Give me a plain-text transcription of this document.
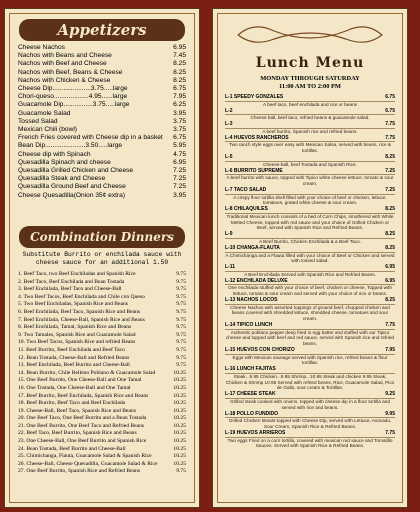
Appetizers
Cheese Nachos	6.95
Nachos with Beans and Cheese	7.45
Nachos with Beef and Cheese	8.25
Nachos with Beef, Beans & Cheese	8.25
Nachos with Chicken & Cheese	8.25
Cheese Dip.....................3.75.....large	6.75
Chori-queso...................4.95......large	7.95
Guacamole Dip................3.75.....large	6.25
Guacamole Salad	3.95
Tossed Salad	3.75
Mexican Chili (bowl)	3.75
French Fries covered with Cheese dip in a basket	6.75
Bean Dip......................3.50.....large	5.95
Cheese dip with Spinach	4.75
Quesadilla Spinach and cheese	6.95
Quesadilla Grilled Chicken and Cheese	7.25
Quesadilla Steak and Cheese	7.25
Quesadilla Ground Beef and Cheese	7.25
Cheese Quesadilla(Onion 35¢ extra)	3.95
Combination Dinners
Substitute Burrito or enchilada sauce with cheese sauce for an additional 1.50
1. Beef Taco, two Beef Enchiladas and Spanish Rice	9.75
2. Beef Taco, Beef Enchilada and Bean Tostada	9.75
3. Beef Enchilada, Beef Taco and Cheese-Ball	9.75
4. Two Beef Tacos, Beef Enchilada and Chile con Queso	9.75
5. Two Beef Enchiladas, Spanish Rice and Beans	9.75
6. Beef Enchilada, Beef Taco, Spanish Rice and Beans	9.75
7. Beef Enchilada, Cheese-Ball, Spanish Rice and Beans	9.75
8. Beef Enchilada, Tamal, Spanish Rice and Beans	9.75
9. Two Tamales, Spanish Rice and Guacamole Salad	9.75
10. Two Beef Tacos, Spanish Rice and refried Beans	9.75
11. Beef Burrito, Beef Enchilada and Beef Taco	9.75
12. Bean Tostada, Cheese-Ball and Refried Beans	9.75
13. Beef Enchilada, Beef Burrito and Cheese-Ball	9.75
14. Bean Burrito, Chile Relleno Poblano & Guacamole Salad	10.25
15. One Beef Burrito, One Cheese-Ball and One Tamal	10.25
16. One Tostada, One Cheese-Ball and One Tamal	10.25
17. Beef Burrito, Beef Enchilada, Spanish Rice and Beans	10.25
18. Beef Burrito, Beef Taco and Beef Enchilada	10.25
19. Cheese-Ball, Beef Taco, Spanish Rice and Beans	10.25
20. One Beef Taco, One Beef Burrito and a Bean Tostada	10.25
21. One Beef Burrito, One Beef Taco and Refried Beans	10.25
22. Beef Taco, Beef Burrito, Spanish Rice and Beans	10.25
23. One Cheese-Ball, One Beef Burrito and Spanish Rice	10.25
24. Bean Tostada, Beef Burrito and Cheese-Ball	10.25
25. Chimichanga, Flauta, Guacamole Salad & Spanish Rice	10.25
26. Cheese-Ball, Cheese Quesadilla, Guacamole Salad & Rice	10.25
27. One Beef Burrito, Spanish Rice and Refried Beans	9.75
Lunch Menu
MONDAY THROUGH SATURDAY
11:00 AM TO 2:00 PM
L-1 SPEEDY GONZALES	6.75
A beef taco, beef enchilada and rice or beans
L-2	6.75
Cheese ball, beef taco, refried beans & guacamole salad.
L-3	7.75
A beef burrito, Spanish rice and refried beans.
L-4 HUEVOS RANCHEROS	7.75
Two ranch style eggs over easy with Mexican Salsa, served with beans, rice & tortillas.
L-5	8.25
Cheese-ball, beef Tostada and Spanish Rice.
L-6 BURRITO SUPREME	7.25
A beef burrito with sauce, topped with Tipico white cheese lettuce, tomato & sour cream.
L-7 TACO SALAD	7.25
A crispy flour tortilla shell filled with your choice of beef or chicken, lettuce, tomatoes, grated white cheese & sour cream.
L-8 CHILAQUILES	8.25
Traditional Mexican lunch consists of a bed of Corn Chips, smothered with White Melted Cheese, topped with red sauce and your choice of Grilled Chicken or Beef, served with Spanish Rice and Refried Beans.
L-9	8.25
A Beef Burrito, Chicken Enchilada & a Beef Taco.
L-10 CHANGA-FLAUTA	8.25
A Chimichanga and a Flauta filled with your choice of Beef or Chicken and served with tossed salad.
L-11	6.95
A Beef Enchilada Served with Spanish Rice and Refried Beans.
L-12 ENCHILADA DELUXE	6.95
One enchilada stuffed with your choice of beef, chicken or cheese, Topped with lettuce, tomato & sour cream and served with your choice of rice or beans.
L-13 NACHOS LOCOS	8.25
Cheese Nachos with assorted toppings of ground beef, chopped chicken and beans covered with shredded lettuce, shredded cheese, tomatoes and sour cream.
L-14 TIPICO LUNCH	7.75
Authentic poblano pepper deep fried in egg batter and stuffed with our Tipico cheese and topped with beef and red sauce, served with Spanish rice and refried beans.
L-15 HUEVOS CON CHORIZO	7.95
Eggs with Mexican sausage served with Spanish rice, refried beans & flour tortillas.
L-16 LUNCH FAJITAS
Steak...9.95 Chicken...9.95 Shrimp...10.95 Steak and chicken 9.95 Steak, Chicken & Shrimp 10.95 Served with refried beans, Rice, Guacamole Salad, Pico de Gallo, sour cream & Tortillas.
L-17 CHEESE STEAK	9.25
Grilled steak cooked with onions, topped with cheese dip in a flour tortilla and served with rice and beans.
L-18 POLLO FUNDIDO	9.95
Grilled Chicken Breast topped with Cheese Dip, served with Lettuce, Avocado, Sour Cream, Spanish Rice & Refried Beans.
L-19 HUEVOS ARRIEROS	7.75
Two eggs Fried on a corn tortilla, covered with mexican red sauce and Tomatillo Sauces. Served with Spanish Rice & Refried Beans.
